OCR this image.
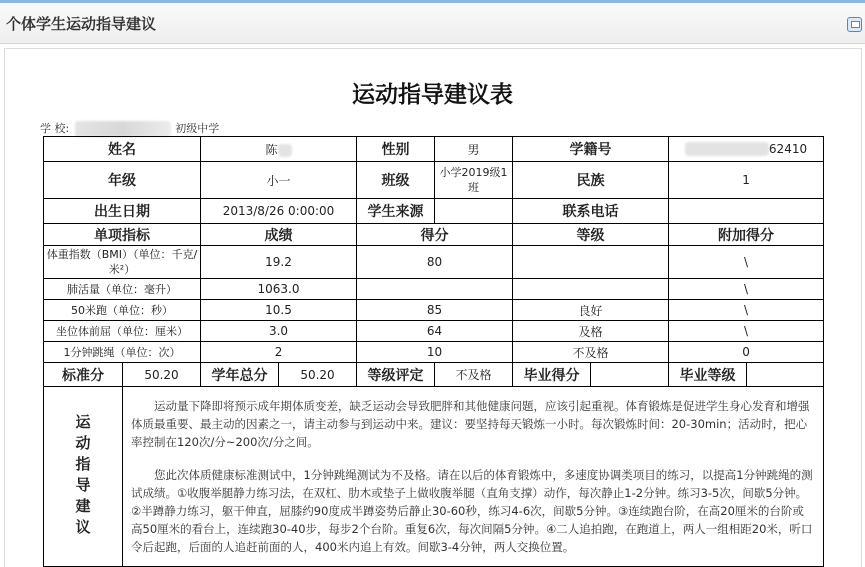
个体学生运动指导建议
运动指导建议表
学 校:	初级中学
姓名		陈		性别	男	学籍号		62410	
年级		小一		班级	小学2019级1班	民族		1	
出生日期		2013/8/26 0:00:00		学生来源		联系电话			
单项指标		成绩		得分		等级		附加得分	
体重指数（BMI）（单位：千克/米²）		19.2		80				\	
肺活量（单位：毫升）		1063.0						\	
50米跑（单位：秒）		10.5		85		良好		\	
坐位体前屈（单位：厘米）		3.0		64		及格		\	
1分钟跳绳（单位：次）		2		10		不及格		0	
标准分	50.20	学年总分	50.20	等级评定	不及格	毕业得分		毕业等级	

运动指导建议	运动量下降即将预示成年期体质变差，缺乏运动会导致肥胖和其他健康问题，应该引起重视。体育锻炼是促进学生身心发育和增强体质最重要、最主动的因素之一，请主动参与到运动中来。建议：要坚持每天锻炼一小时。每次锻炼时间：20-30min；活动时，把心率控制在120次/分~200次/分之间。

您此次体质健康标准测试中，1分钟跳绳测试为不及格。请在以后的体育锻炼中，多速度协调类项目的练习，以提高1分钟跳绳的测试成绩。①收腹举腿静力练习法，在双杠、肋木或垫子上做收腹举腿（直角支撑）动作，每次静止1-2分钟。练习3-5次，间歇5分钟。②半蹲静力练习，躯干伸直，屈膝约90度成半蹲姿势后静止30-60秒，练习4-6次，间歇5分钟。③连续跑台阶，在高20厘米的台阶或高50厘米的看台上，连续跑30-40步，每步2个台阶。重复6次，每次间隔5分钟。④二人追拍跑，在跑道上，两人一组相距20米，听口令后起跑，后面的人追赶前面的人，400米内追上有效。间歇3-4分钟，两人交换位置。								
